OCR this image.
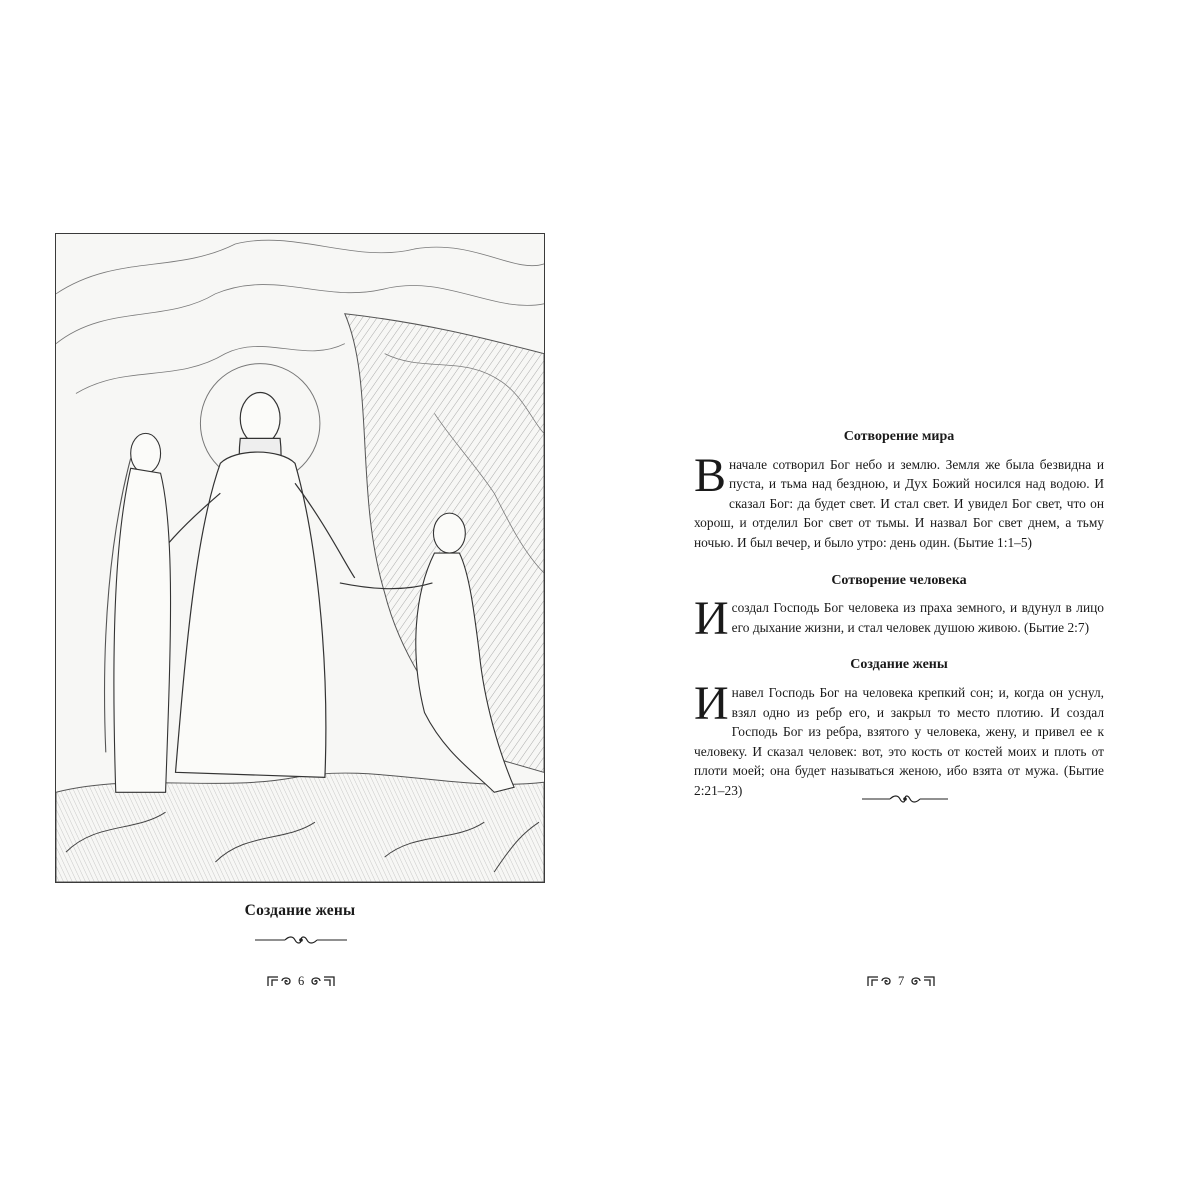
Создание жены
6
Сотворение мира

Вначале сотворил Бог небо и землю. Земля же была безвидна и пуста, и тьма над бездною, и Дух Божий носился над водою. И сказал Бог: да будет свет. И стал свет. И увидел Бог свет, что он хорош, и отделил Бог свет от тьмы. И назвал Бог свет днем, а тьму ночью. И был вечер, и было утро: день один. (Бытие 1:1–5)

Сотворение человека

Исоздал Господь Бог человека из праха земного, и вдунул в лицо его дыхание жизни, и стал человек душою живою. (Бытие 2:7)

Создание жены

Инавел Господь Бог на человека крепкий сон; и, когда он уснул, взял одно из ребр его, и закрыл то место плотию. И создал Господь Бог из ребра, взятого у человека, жену, и привел ее к человеку. И сказал человек: вот, это кость от костей моих и плоть от плоти моей; она будет называться женою, ибо взята от мужа. (Бытие 2:21–23)

7
